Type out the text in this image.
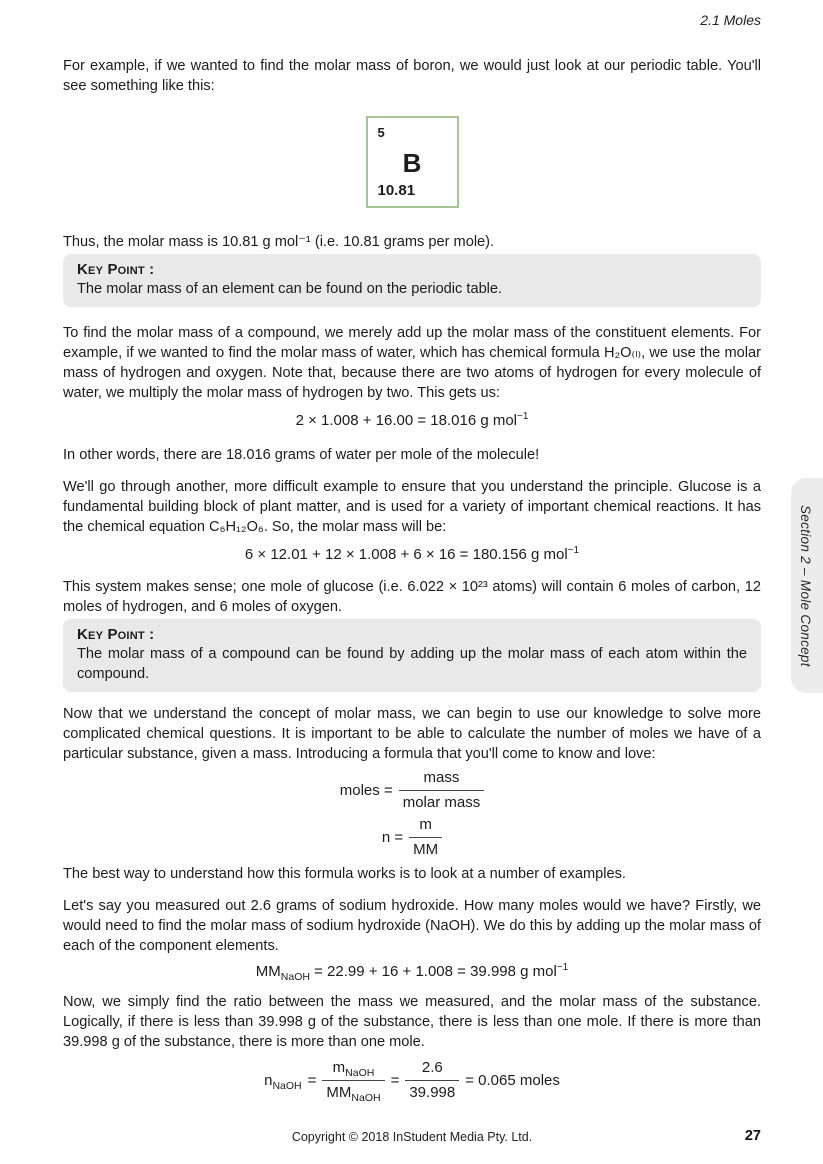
2.1 Moles

For example, if we wanted to find the molar mass of boron, we would just look at our periodic table. You'll see something like this:

5
B
10.81

Thus, the molar mass is 10.81 g mol⁻¹ (i.e. 10.81 grams per mole).

Key Point :
The molar mass of an element can be found on the periodic table.

To find the molar mass of a compound, we merely add up the molar mass of the constituent elements. For example, if we wanted to find the molar mass of water, which has chemical formula H₂O₍ₗ₎, we use the molar mass of hydrogen and oxygen. Note that, because there are two atoms of hydrogen for every molecule of water, we multiply the molar mass of hydrogen by two. This gets us:

2 × 1.008 + 16.00 = 18.016 g mol$^{-1}$

In other words, there are 18.016 grams of water per mole of the molecule!

We'll go through another, more difficult example to ensure that you understand the principle. Glucose is a fundamental building block of plant matter, and is used for a variety of important chemical reactions. It has the chemical equation C₆H₁₂O₆. So, the molar mass will be:

6 × 12.01 + 12 × 1.008 + 6 × 16 = 180.156 g mol$^{-1}$

This system makes sense; one mole of glucose (i.e. 6.022 × 10²³ atoms) will contain 6 moles of carbon, 12 moles of hydrogen, and 6 moles of oxygen.

Key Point :
The molar mass of a compound can be found by adding up the molar mass of each atom within the compound.

Now that we understand the concept of molar mass, we can begin to use our knowledge to solve more complicated chemical questions. It is important to be able to calculate the number of moles we have of a particular substance, given a mass. Introducing a formula that you'll come to know and love:

moles = $\frac{\text{mass}}{\text{molar mass}}$
$n = \frac{m}{MM}$

The best way to understand how this formula works is to look at a number of examples.

Let's say you measured out 2.6 grams of sodium hydroxide. How many moles would we have? Firstly, we would need to find the molar mass of sodium hydroxide (NaOH). We do this by adding up the molar mass of each of the component elements.

$MM_{NaOH} = 22.99 + 16 + 1.008 = 39.998$ g mol$^{-1}$

Now, we simply find the ratio between the mass we measured, and the molar mass of the substance. Logically, if there is less than 39.998 g of the substance, there is less than one mole. If there is more than 39.998 g of the substance, there is more than one mole.

$n_{NaOH} = \frac{m_{NaOH}}{MM_{NaOH}} = \frac{2.6}{39.998} = 0.065$ moles
Section 2 – Mole Concept
Copyright © 2018 InStudent Media Pty. Ltd.	27
